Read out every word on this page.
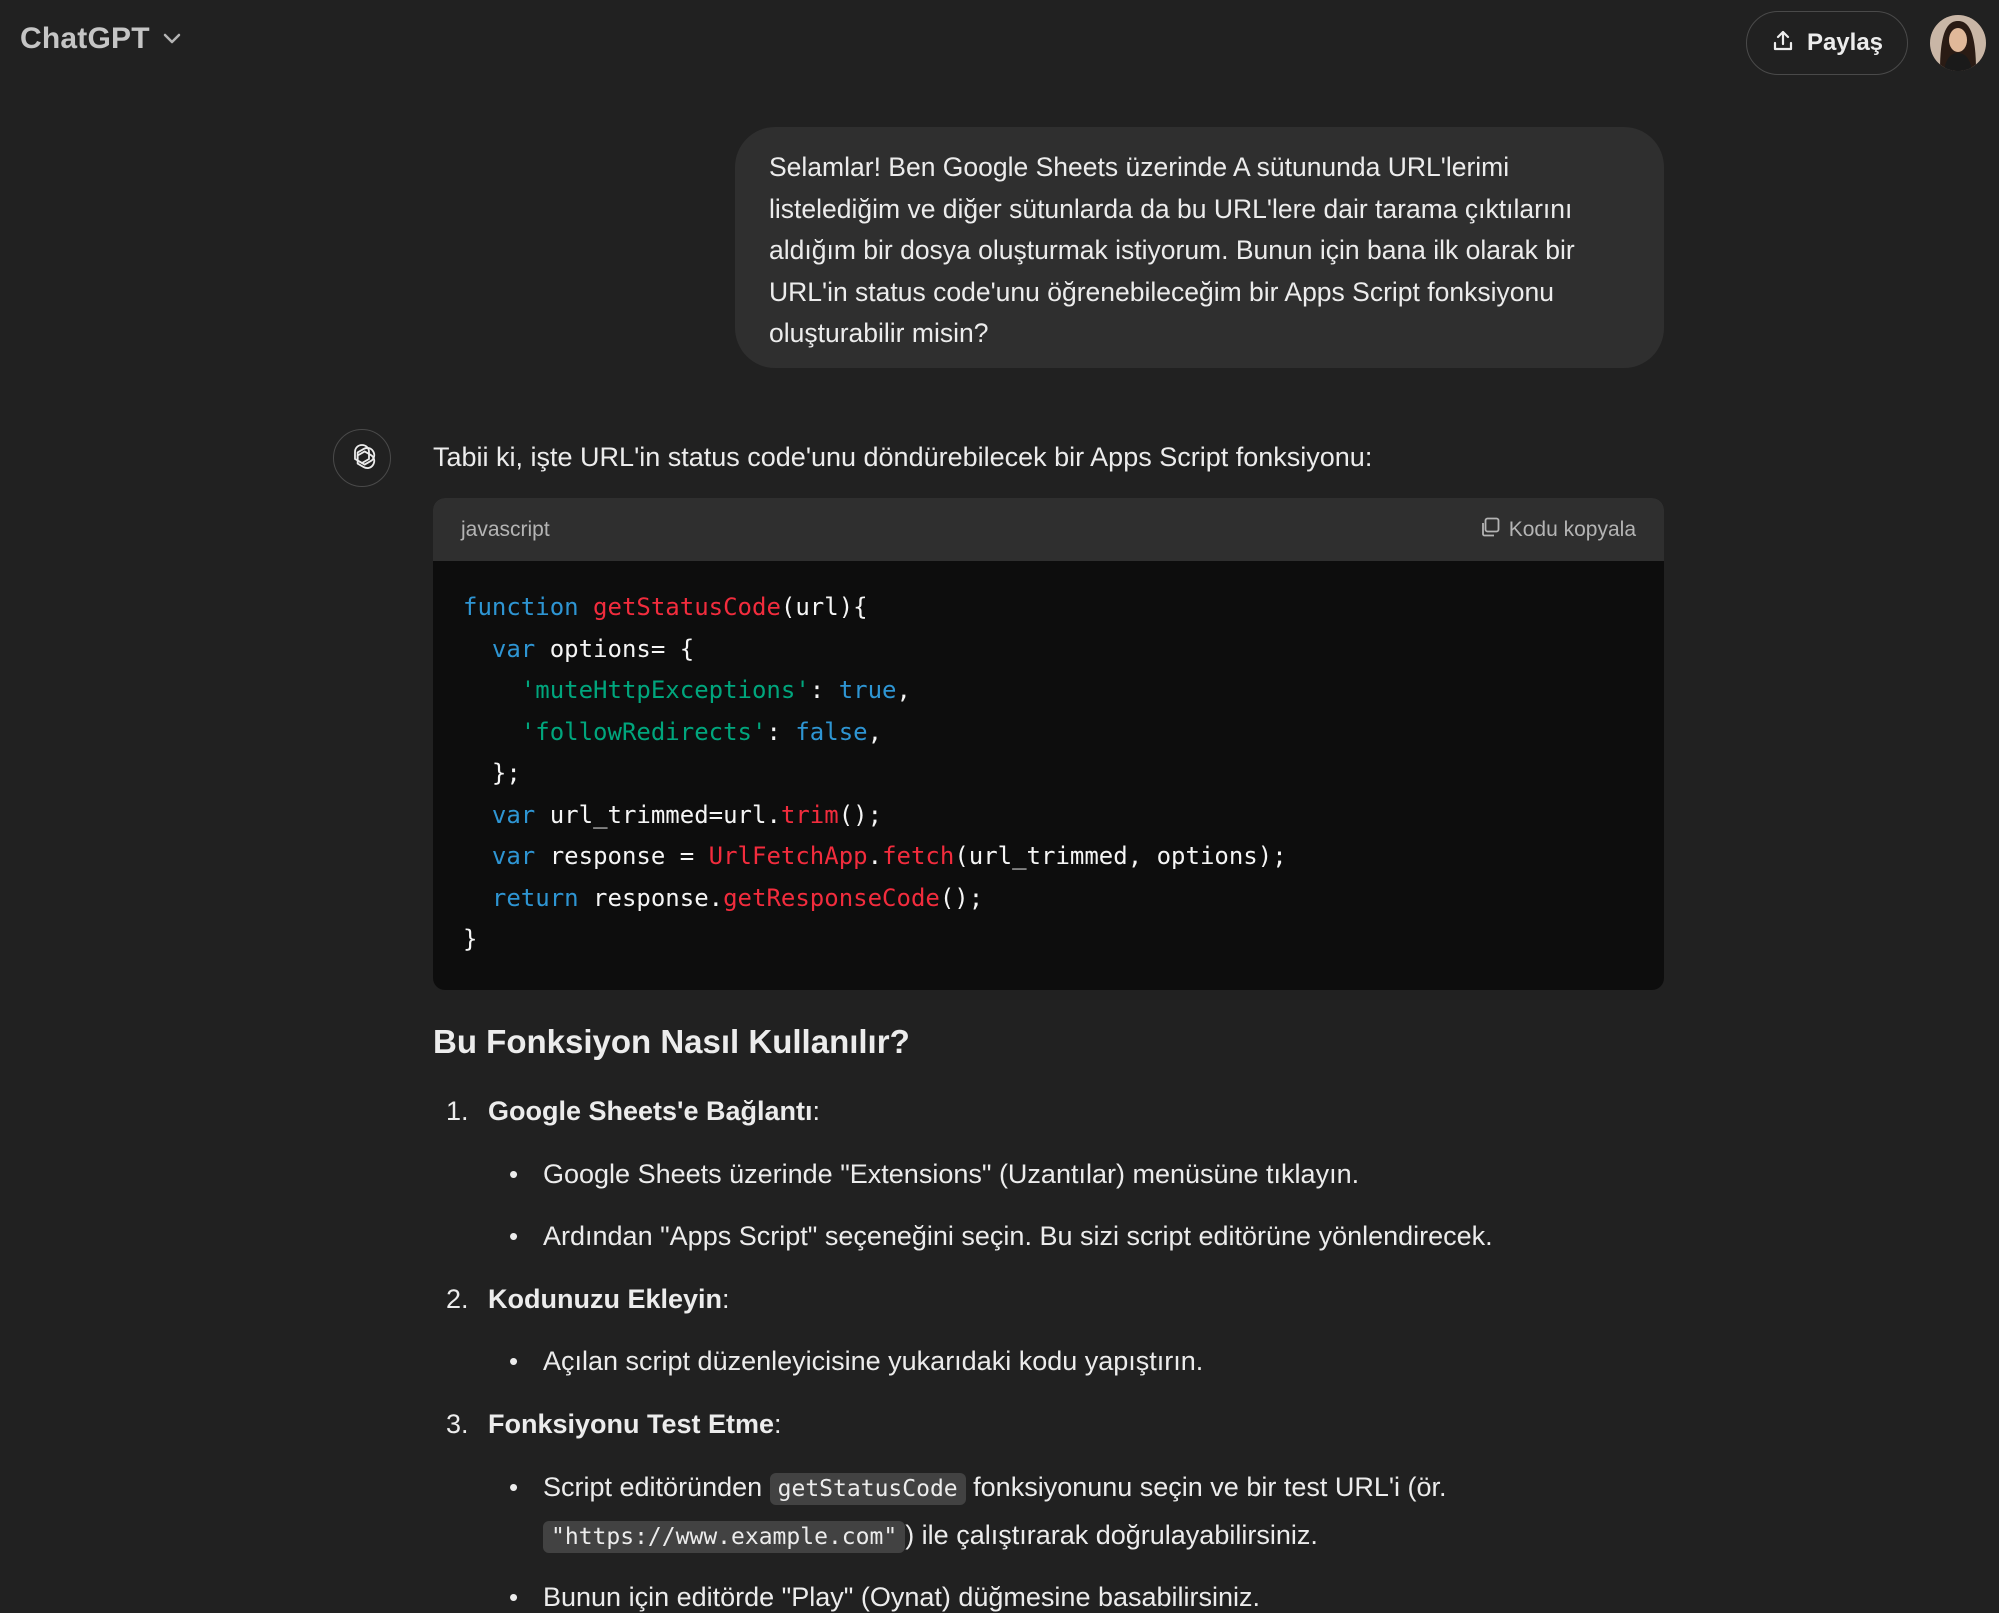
ChatGPT	Paylaş
Selamlar! Ben Google Sheets üzerinde A sütununda URL'lerimi
listelediğim ve diğer sütunlarda da bu URL'lere dair tarama çıktılarını
aldığım bir dosya oluşturmak istiyorum. Bunun için bana ilk olarak bir
URL'in status code'unu öğrenebileceğim bir Apps Script fonksiyonu
oluşturabilir misin?
Tabii ki, işte URL'in status code'unu döndürebilecek bir Apps Script fonksiyonu:
javascript	Kodu kopyala
function getStatusCode(url){
var options= {
'muteHttpExceptions': true,
'followRedirects': false,
};
var url_trimmed=url.trim();
var response = UrlFetchApp.fetch(url_trimmed, options);
return response.getResponseCode();
}
Bu Fonksiyon Nasıl Kullanılır?
1. Google Sheets'e Bağlantı:
• Google Sheets üzerinde "Extensions" (Uzantılar) menüsüne tıklayın.
• Ardından "Apps Script" seçeneğini seçin. Bu sizi script editörüne yönlendirecek.
2. Kodunuzu Ekleyin:
• Açılan script düzenleyicisine yukarıdaki kodu yapıştırın.
3. Fonksiyonu Test Etme:
• Script editöründen getStatusCode fonksiyonunu seçin ve bir test URL'i (ör.
"https://www.example.com" ) ile çalıştırarak doğrulayabilirsiniz.
• Bunun için editörde "Play" (Oynat) düğmesine basabilirsiniz.
